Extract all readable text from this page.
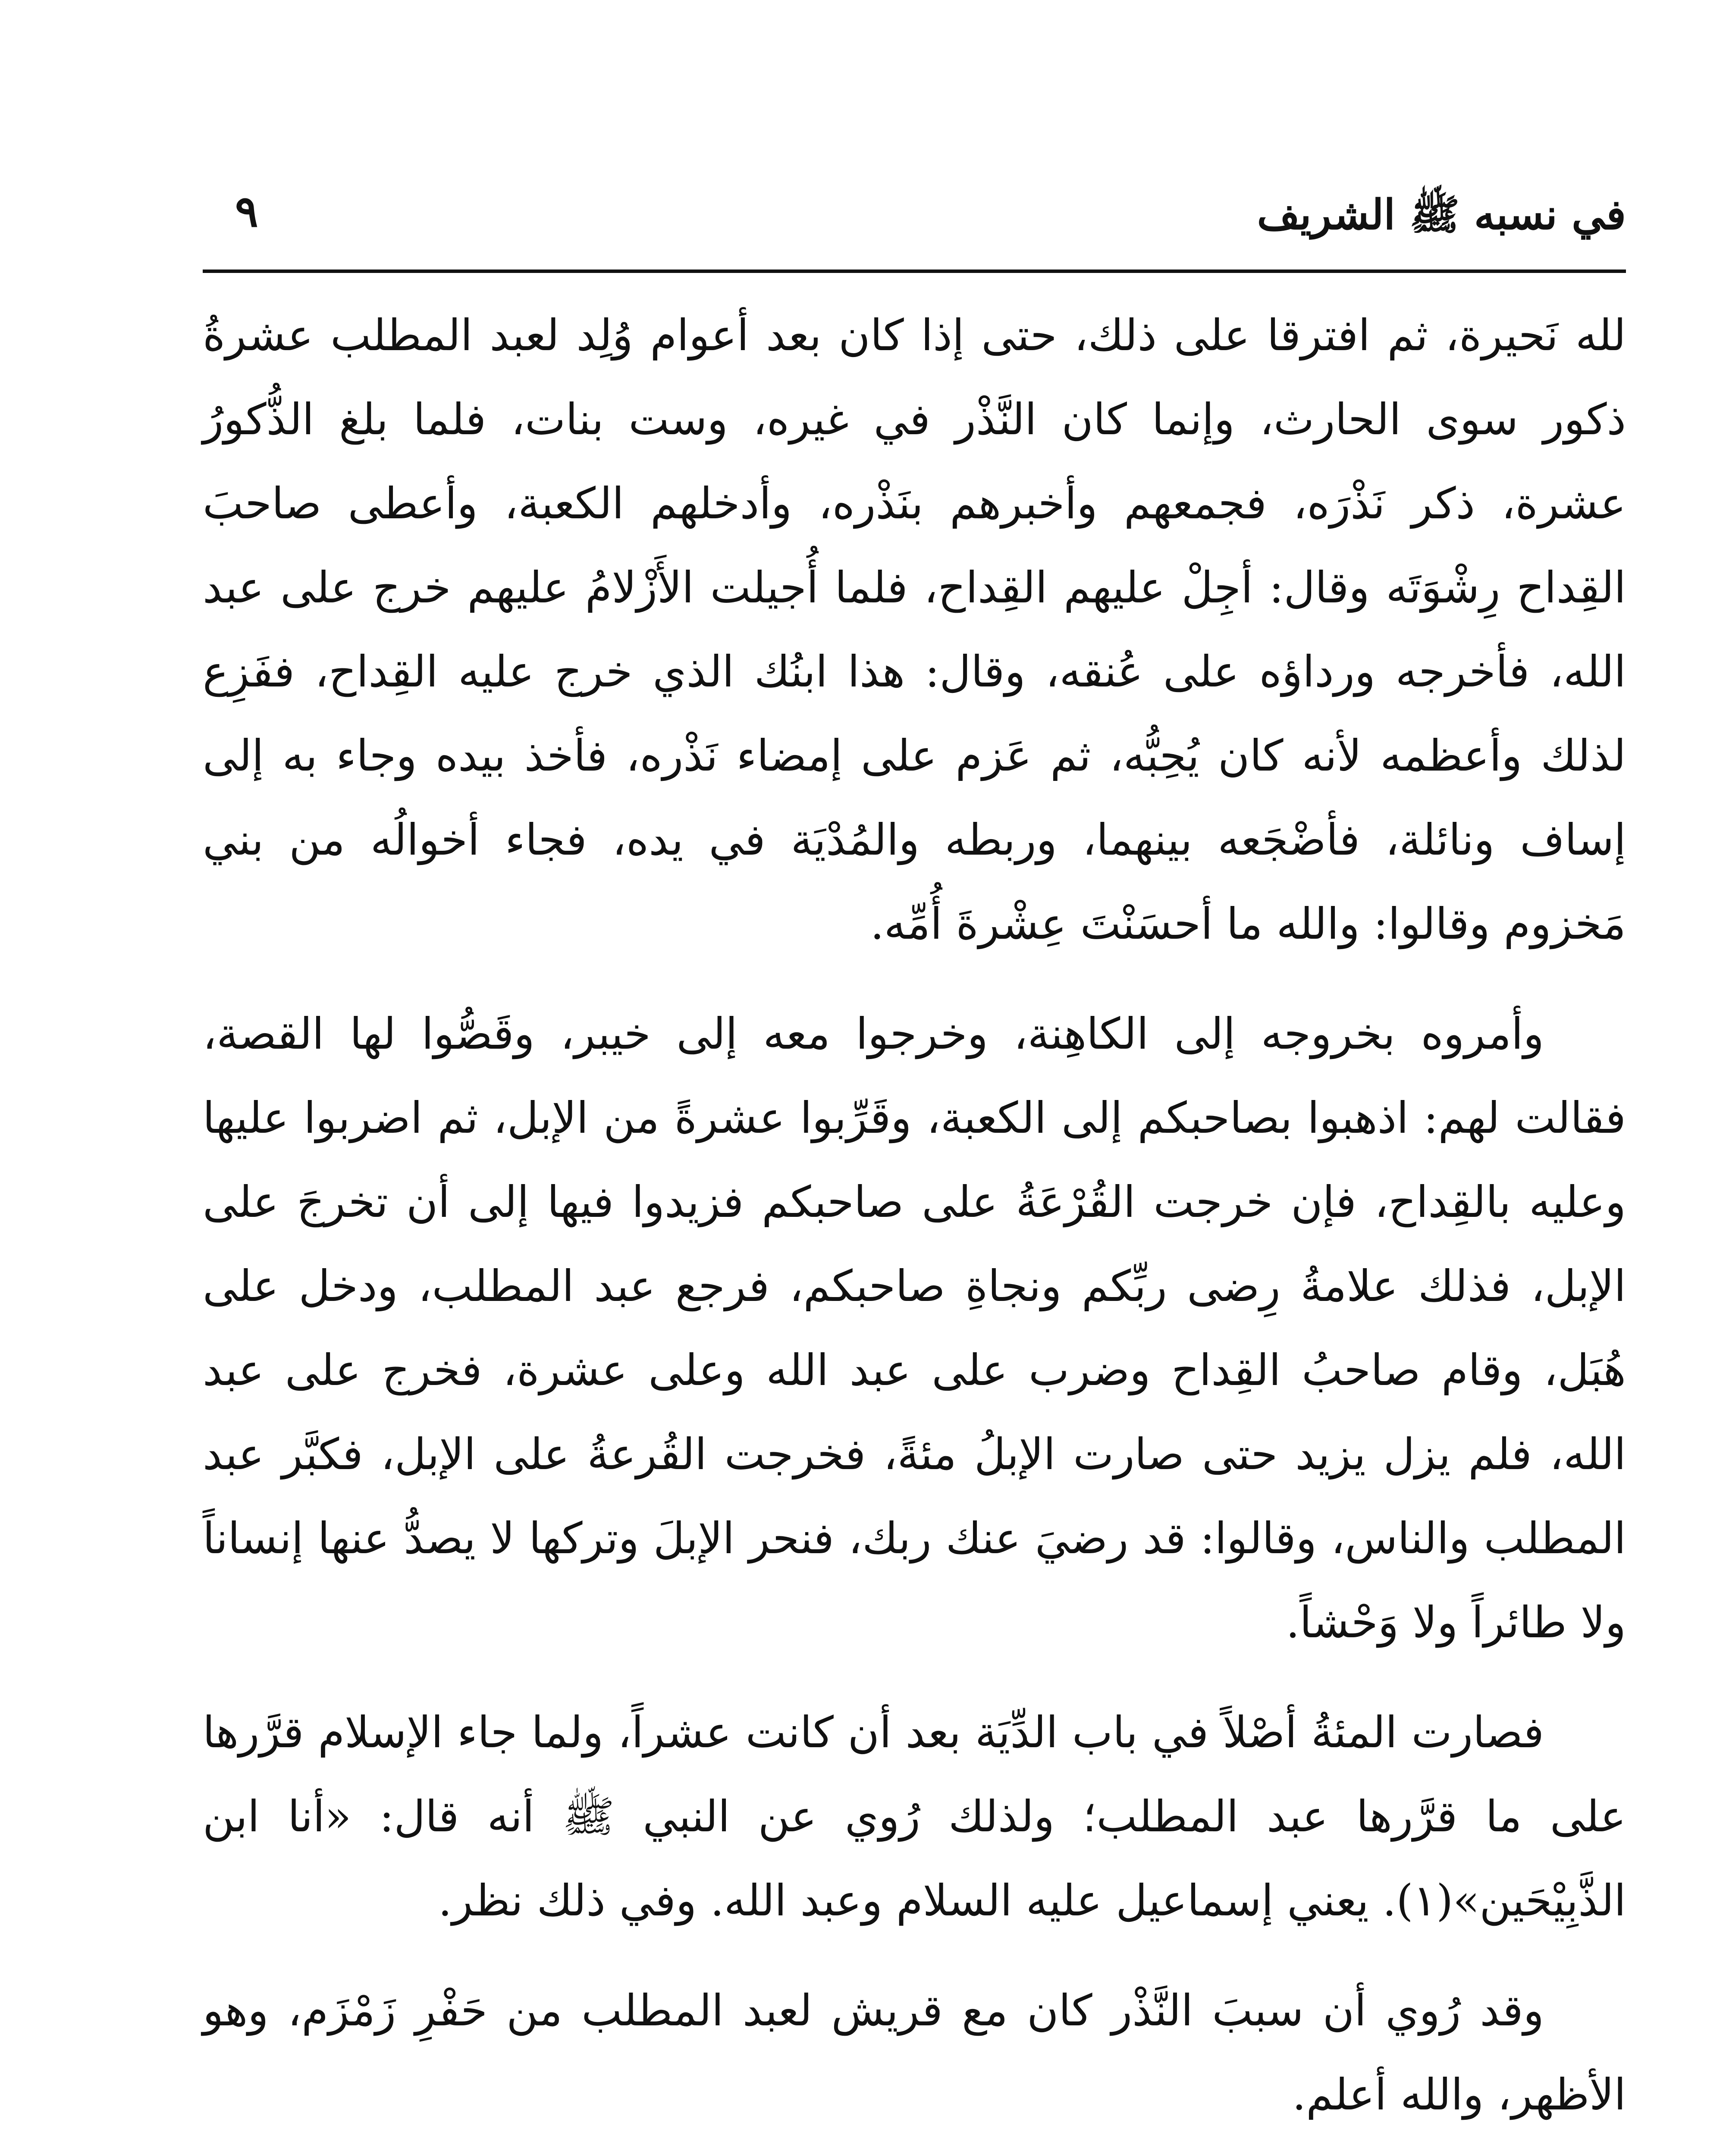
في نسبه ﷺ الشريف
٩

لله نَحيرة، ثم افترقا على ذلك، حتى إذا كان بعد أعوام وُلِد لعبد المطلب عشرةُ ذكور سوى الحارث، وإنما كان النَّذْر في غيره، وست بنات، فلما بلغ الذُّكورُ عشرة، ذكر نَذْرَه، فجمعهم وأخبرهم بنَذْره، وأدخلهم الكعبة، وأعطى صاحبَ القِداح رِشْوَتَه وقال: أجِلْ عليهم القِداح، فلما أُجيلت الأَزْلامُ عليهم خرج على عبد الله، فأخرجه ورداؤه على عُنقه، وقال: هذا ابنُك الذي خرج عليه القِداح، ففَزِع لذلك وأعظمه لأنه كان يُحِبُّه، ثم عَزم على إمضاء نَذْره، فأخذ بيده وجاء به إلى إساف ونائلة، فأضْجَعه بينهما، وربطه والمُدْيَة في يده، فجاء أخوالُه من بني مَخزوم وقالوا: والله ما أحسَنْتَ عِشْرةَ أُمِّه.

وأمروه بخروجه إلى الكاهِنة، وخرجوا معه إلى خيبر، وقَصُّوا لها القصة، فقالت لهم: اذهبوا بصاحبكم إلى الكعبة، وقَرِّبوا عشرةً من الإبل، ثم اضربوا عليها وعليه بالقِداح، فإن خرجت القُرْعَةُ على صاحبكم فزيدوا فيها إلى أن تخرجَ على الإبل، فذلك علامةُ رِضى ربِّكم ونجاةِ صاحبكم، فرجع عبد المطلب، ودخل على هُبَل، وقام صاحبُ القِداح وضرب على عبد الله وعلى عشرة، فخرج على عبد الله، فلم يزل يزيد حتى صارت الإبلُ مئةً، فخرجت القُرعةُ على الإبل، فكبَّر عبد المطلب والناس، وقالوا: قد رضيَ عنك ربك، فنحر الإبلَ وتركها لا يصدُّ عنها إنساناً ولا طائراً ولا وَحْشاً.

فصارت المئةُ أصْلاً في باب الدِّيَة بعد أن كانت عشراً، ولما جاء الإسلام قرَّرها على ما قرَّرها عبد المطلب؛ ولذلك رُوي عن النبي ﷺ أنه قال: «أنا ابن الذَّبِيْحَين»(١). يعني إسماعيل عليه السلام وعبد الله. وفي ذلك نظر.

وقد رُوي أن سببَ النَّذْر كان مع قريش لعبد المطلب من حَفْرِ زَمْزَم، وهو الأظهر، والله أعلم.
